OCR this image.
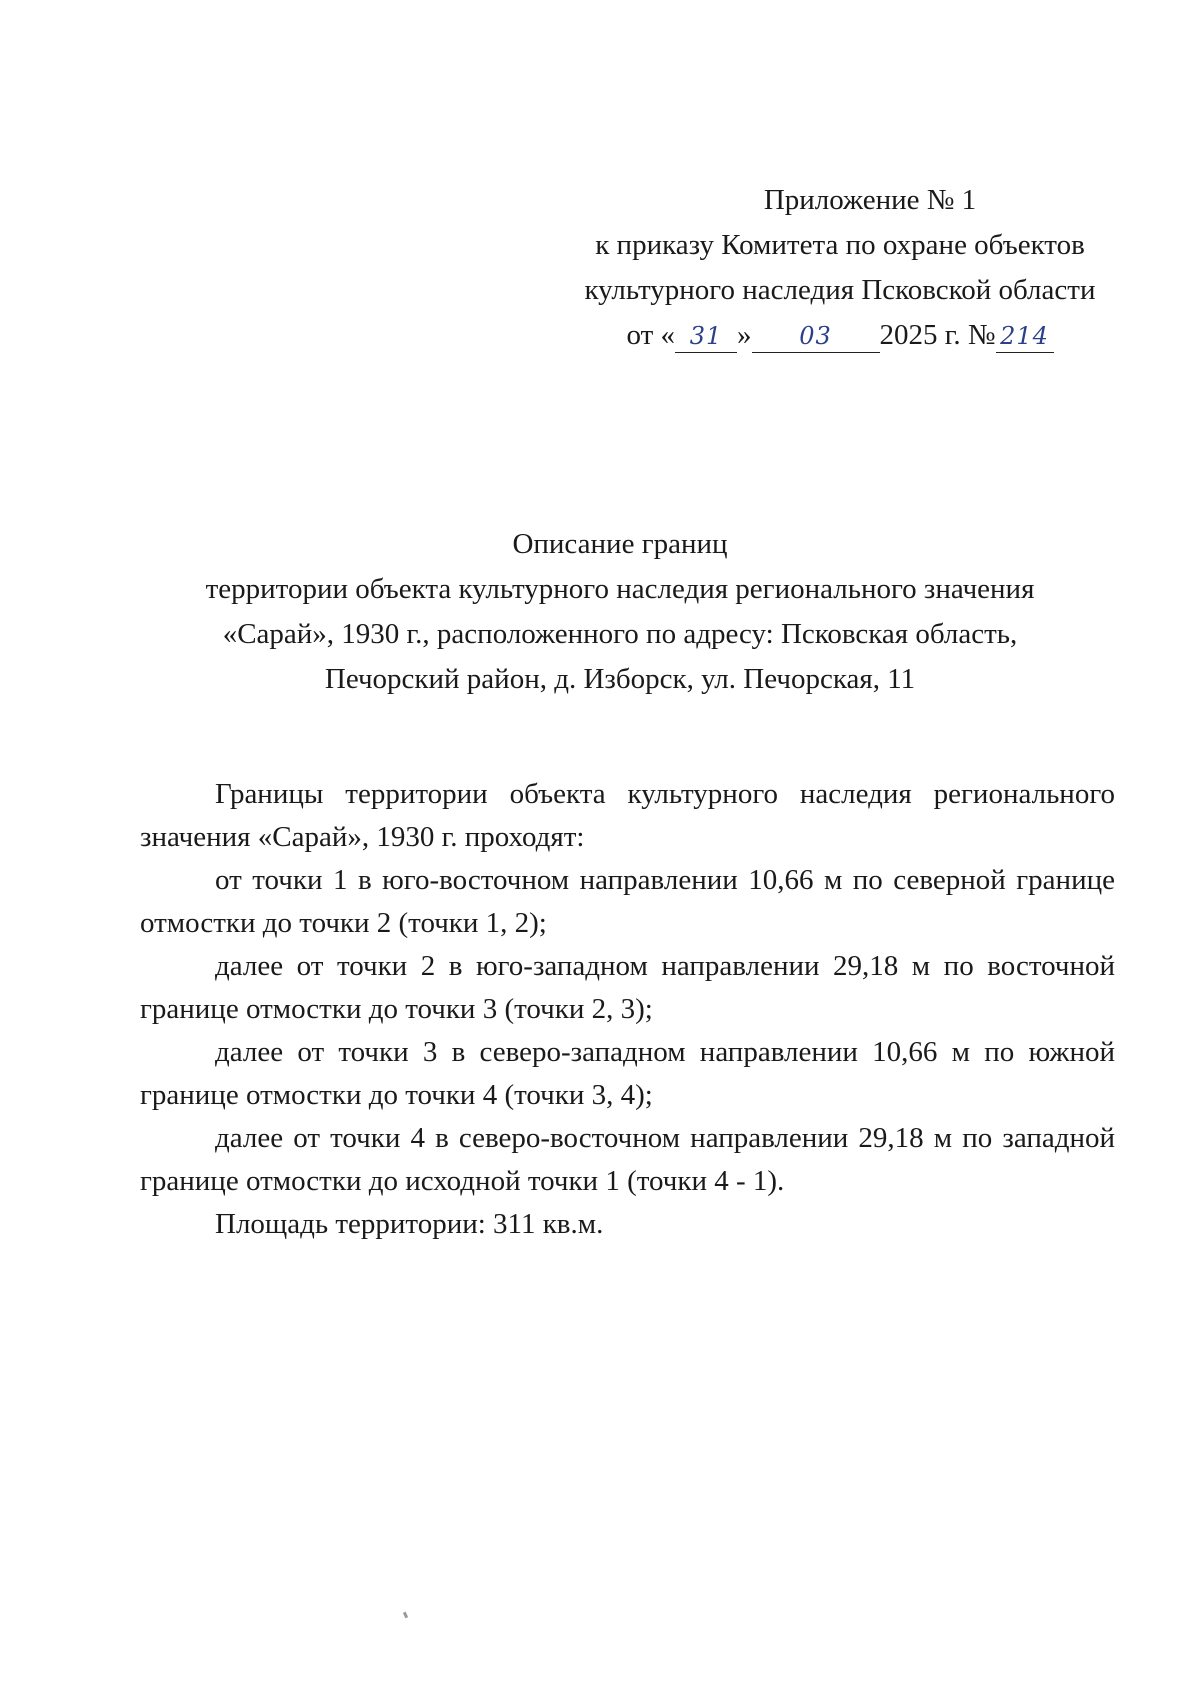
Приложение № 1
к приказу Комитета по охране объектов
культурного наследия Псковской области
от « 31 » 03 2025 г. № 214
Описание границ
территории объекта культурного наследия регионального значения
«Сарай», 1930 г., расположенного по адресу: Псковская область,
Печорский район, д. Изборск, ул. Печорская, 11

Границы территории объекта культурного наследия регионального значения «Сарай», 1930 г. проходят:

от точки 1 в юго-восточном направлении 10,66 м по северной границе отмостки до точки 2 (точки 1, 2);

далее от точки 2 в юго-западном направлении 29,18 м по восточной границе отмостки до точки 3 (точки 2, 3);

далее от точки 3 в северо-западном направлении 10,66 м по южной границе отмостки до точки 4 (точки 3, 4);

далее от точки 4 в северо-восточном направлении 29,18 м по западной границе отмостки до исходной точки 1 (точки 4 - 1).

Площадь территории: 311 кв.м.
